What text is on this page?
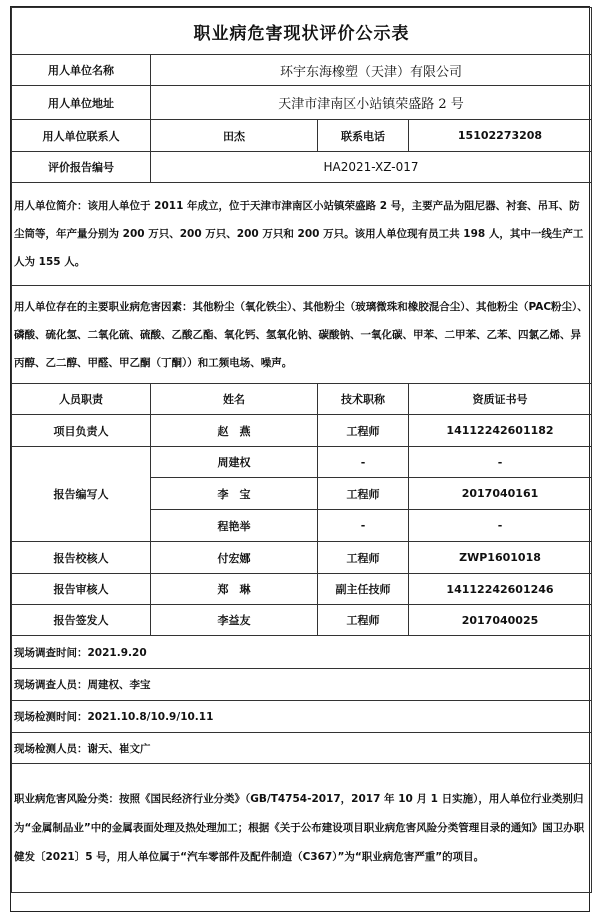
职业病危害现状评价公示表			
用人单位名称	环宇东海橡塑（天津）有限公司		
用人单位地址	天津市津南区小站镇荣盛路 2 号		
用人单位联系人	田杰	联系电话	15102273208
评价报告编号	HA2021-XZ-017		
用人单位简介：该用人单位于 2011 年成立，位于天津市津南区小站镇荣盛路 2 号，主要产品为阻尼器、衬套、吊耳、防尘筒等，年产量分别为 200 万只、200 万只、200 万只和 200 万只。该用人单位现有员工共 198 人，其中一线生产工人为 155 人。			
用人单位存在的主要职业病危害因素：其他粉尘（氧化铁尘）、其他粉尘（玻璃微珠和橡胶混合尘）、其他粉尘（PAC粉尘）、磷酸、硫化氢、二氧化硫、硫酸、乙酸乙酯、氧化钙、氢氧化钠、碳酸钠、一氧化碳、甲苯、二甲苯、乙苯、四氯乙烯、异丙醇、乙二醇、甲醛、甲乙酮（丁酮））和工频电场、噪声。			
人员职责	姓名	技术职称	资质证书号
项目负责人	赵　燕	工程师	14112242601182
报告编写人	周建权	-	-
	李　宝	工程师	2017040161
	程艳举	-	-
报告校核人	付宏娜	工程师	ZWP1601018
报告审核人	郑　琳	副主任技师	14112242601246
报告签发人	李益友	工程师	2017040025
现场调查时间：2021.9.20			
现场调查人员：周建权、李宝			
现场检测时间：2021.10.8/10.9/10.11			
现场检测人员：谢天、崔文广			
职业病危害风险分类：按照《国民经济行业分类》（GB/T4754-2017，2017 年 10 月 1 日实施），用人单位行业类别归为“金属制品业”中的金属表面处理及热处理加工；根据《关于公布建设项目职业病危害风险分类管理目录的通知》国卫办职健发〔2021〕5 号，用人单位属于“汽车零部件及配件制造（C367）”为“职业病危害严重”的项目。			
